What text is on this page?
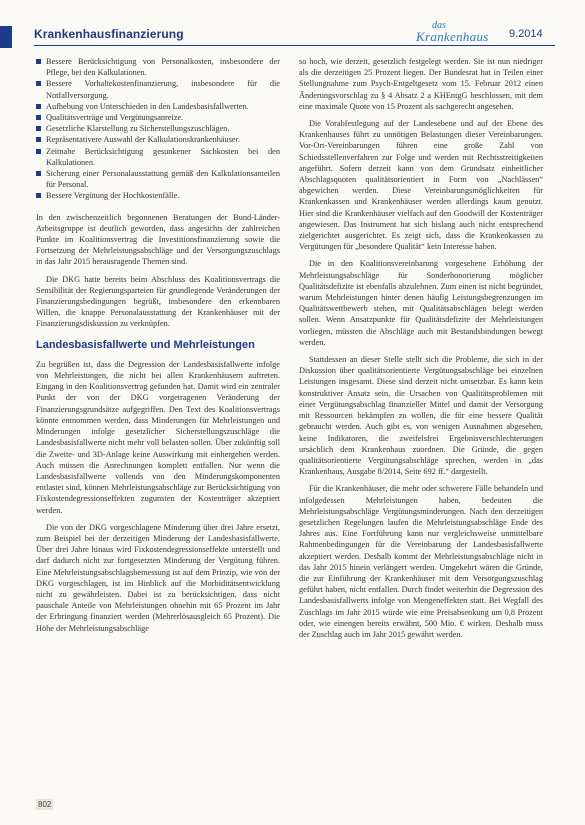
Krankenhausfinanzierung
das
Krankenhaus 9.2014
Bessere Berücksichtigung von Personalkosten, insbesondere der Pflege, bei den Kalkulationen.
Bessere Vorhaltekostenfinanzierung, insbesondere für die Notfallversorgung.
Aufhebung von Unterschieden in den Landesbasisfallwerten.
Qualitätsverträge und Vergütungsanreize.
Gesetzliche Klarstellung zu Sicherstellungszuschlägen.
Repräsentativere Auswahl der Kalkulationskrankenhäuser.
Zeitnahe Berücksichtigung gesunkener Sachkosten bei den Kalkulationen.
Sicherung einer Personalausstattung gemäß den Kalkulationsanteilen für Personal.
Bessere Vergütung der Hochkostenfälle.

In den zwischenzeitlich begonnenen Beratungen der Bund-Länder-Arbeitsgruppe ist deutlich geworden, dass angesichts der zahlreichen Punkte im Koalitionsvertrag die Investitionsfinanzierung sowie die Fortsetzung der Mehrleistungsabschläge und der Versorgungszuschlags in das Jahr 2015 herausragende Themen sind.

Die DKG hatte bereits beim Abschluss des Koalitionsvertrags die Sensibilität der Regierungsparteien für grundlegende Veränderungen der Finanzierungsbedingungen begrüßt, insbesondere den erkennbaren Willen, die knappe Personalausstattung der Krankenhäuser mit der Finanzierungsdiskussion zu verknüpfen.

Landesbasisfallwerte und Mehrleistungen

Zu begrüßen ist, dass die Degression der Landesbasisfallwerte infolge von Mehrleistungen, die nicht bei allen Krankenhäusern auftreten. Eingang in den Koalitionsvertrag gefunden hat. Damit wird ein zentraler Punkt der von der DKG vorgetragenen Veränderung der Finanzierungsgrundsätze aufgegriffen. Den Text des Koalitionsvertrags könnte entnommen werden, dass Minderungen für Mehrleistungen und Minderungen infolge gesetzlicher Sicherstellungszuschläge die Landesbasisfallwerte nicht mehr voll belasten sollen. Über zukünftig soll die Zweite- und 3D-Anlage keine Auswirkung mit einhergehen werden. Auch müssen die Anrechnungen komplett entfallen. Nur wenn die Landesbasisfallwerte vollends von den Minderungskomponenten entlastet sind, können Mehrleistungsabschläge zur Berücksichtigung von Fixkostendegressionseffekten zugunsten der Kostenträger akzeptiert werden.

Die von der DKG vorgeschlagene Minderung über drei Jahre ersetzt, zum Beispiel bei der derzeitigen Minderung der Landesbasisfallwerte. Über drei Jahre hinaus wird Fixkostendegressionseffekte unterstellt und darf dadurch nicht zur fortgesetzten Minderung der Vergütung führen. Eine Mehrleistungsabschlagsbemessung ist auf dem Prinzip, wie von der DKG vorgeschlagen, ist im Hinblick auf die Morbiditätsentwicklung nicht zu gewährleisten. Dabei ist zu berücksichtigen, dass nicht pauschale Anteile von Mehrleistungen ohnehin mit 65 Prozent im Jahr der Erbringung finanziert werden (Mehrerlösausgleich 65 Prozent). Die Höhe der Mehrleistungsabschläge

so hoch, wie derzeit, gesetzlich festgelegt werden. Sie ist nun niedriger als die derzeitigen 25 Prozent liegen. Der Bundesrat hat in Teilen einer Stellungnahme zum Psych-Entgeltgesetz vom 15. Februar 2012 einen Änderungsvorschlag zu § 4 Absatz 2 a KHEntgG beschlossen, mit dem eine maximale Quote von 15 Prozent als sachgerecht angesehen.

Die Vorabfestlegung auf der Landesebene und auf der Ebene des Krankenhauses führt zu unnötigen Belastungen dieser Vereinbarungen. Vor-Ort-Vereinbarungen führen eine große Zahl von Schiedsstellenverfahren zur Folge und werden mit Rechtsstreitigkeiten angeführt. Sofern derzeit kann von dem Grundsatz einheitlicher Abschlagsquoten qualitätsorientiert in Form von „Nachlässen“ abgewichen werden. Diese Vereinbarungsmöglichkeiten für Krankenkassen und Krankenhäuser werden allerdings kaum genutzt. Hier sind die Krankenhäuser vielfach auf den Goodwill der Kostenträger angewiesen. Das Instrument hat sich bislang auch nicht entsprechend zielgerichtet ausgerichtet. Es zeigt sich, dass die Krankenkassen zu Vergütungen für „besondere Qualität“ kein Interesse haben.

Die in den Koalitionsvereinbarung vorgesehene Erhöhung der Mehrleistungsabschläge für Sonderhonorierung möglicher Qualitätsdefizite ist ebenfalls abzulehnen. Zum einen ist nicht begründet, warum Mehrleistungen hinter denen häufig Leistungsbegrenzungen im Qualitätswettbewerb stehen, mit Qualitätsabschlägen belegt werden sollen. Wenn Ansatzpunkte für Qualitätsdefizite der Mehrleistungen vorliegen, müssten die Abschläge auch mit Bestandsbindungen bewegt werden.

Stattdessen an dieser Stelle stellt sich die Probleme, die sich in der Diskussion über qualitätsorientierte Vergütungsabschläge bei einzelnen Leistungen insgesamt. Diese sind derzeit nicht umsetzbar. Es kann kein konstruktiver Ansatz sein, die Ursachen von Qualitätsproblemen mit einer Vergütungsabschlag finanzieller Mittel und damit der Versorgung mit Ressourcen bekämpfen zu wollen, die für eine bessere Qualität gebraucht werden. Auch gibt es, von wenigen Ausnahmen abgesehen, keine Indikatoren, die zweifelsfrei Ergebnisverschlechterungen ursächlich dem Krankenhaus zuordnen. Die Gründe, die gegen qualitätsorientierte Vergütungsabschläge sprechen, werden in „das Krankenhaus, Ausgabe 8/2014, Seite 692 ff.“ dargestellt.

Für die Krankenhäuser, die mehr oder schwerere Fälle behandeln und infolgedessen Mehrleistungen haben, bedeuten die Mehrleistungsabschläge Vergütungsminderungen. Nach den derzeitigen gesetzlichen Regelungen laufen die Mehrleistungsabschläge Ende des Jahres aus. Eine Fortführung kann nur vergleichsweise unmittelbare Rahmenbedingungen für die Vereinbarung der Landesbasisfallwerte akzeptiert werden. Deshalb kommt der Mehrleistungsabschläge nicht in das Jahr 2015 hinein verlängert werden. Umgekehrt wären die Gründe, die zur Einführung der Krankenhäuser mit dem Versorgungszuschlag geführt haben, nicht entfallen. Durch findet weiterhin die Degression des Landesbasisfallwerts infolge von Mengeneffekten statt. Bei Wegfall des Zuschlags im Jahr 2015 würde wie eine Preisabsenkung um 0,8 Prozent oder, wie einengen bereits erwähnt, 500 Mio. € wirken. Deshalb muss der Zuschlag auch im Jahr 2015 gewährt werden.

802
